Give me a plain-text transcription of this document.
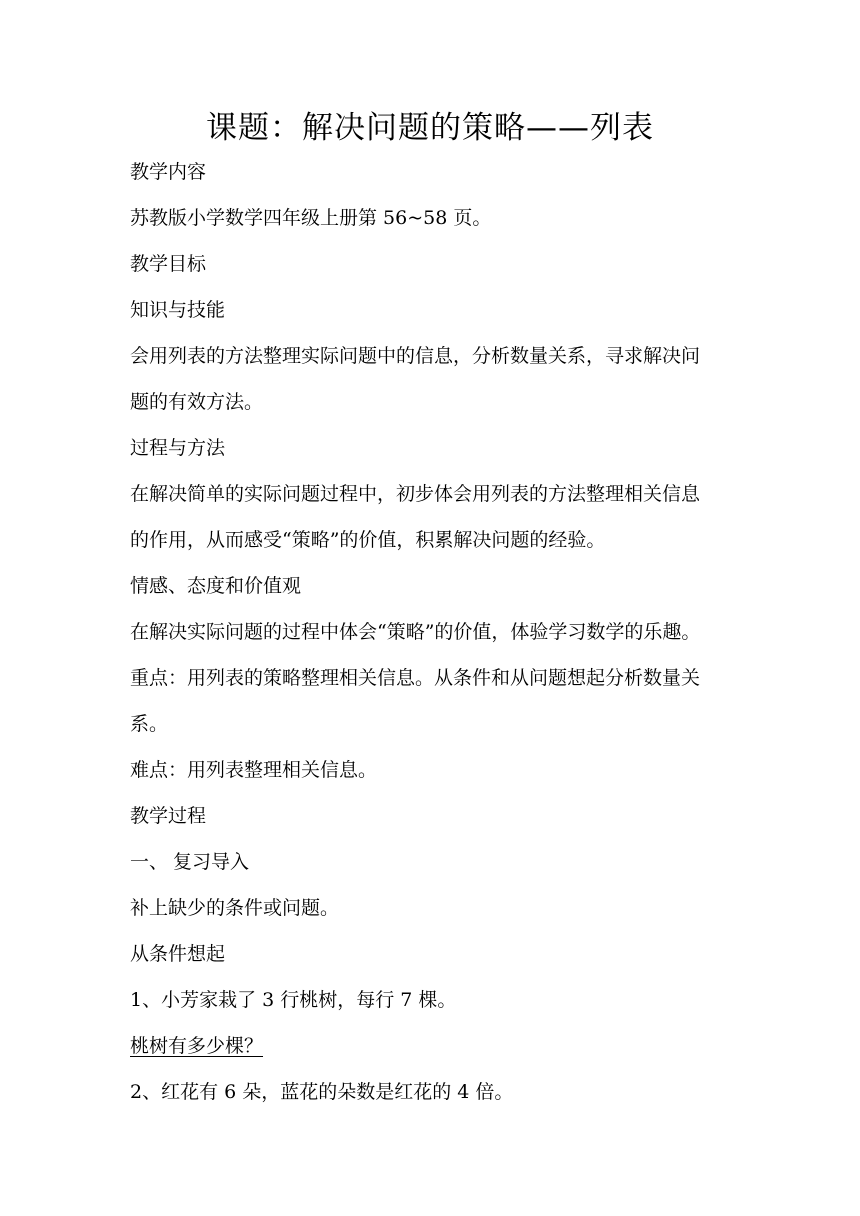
课题：解决问题的策略——列表
教学内容
苏教版小学数学四年级上册第 56~58 页。
教学目标
知识与技能
会用列表的方法整理实际问题中的信息，分析数量关系，寻求解决问
题的有效方法。
过程与方法
在解决简单的实际问题过程中，初步体会用列表的方法整理相关信息
的作用，从而感受“策略”的价值，积累解决问题的经验。
情感、态度和价值观
在解决实际问题的过程中体会“策略”的价值，体验学习数学的乐趣。
重点：用列表的策略整理相关信息。从条件和从问题想起分析数量关
系。
难点：用列表整理相关信息。
教学过程
一、 复习导入
补上缺少的条件或问题。
从条件想起
1、小芳家栽了 3 行桃树，每行 7 棵。
桃树有多少棵？
2、红花有 6 朵，蓝花的朵数是红花的 4 倍。
